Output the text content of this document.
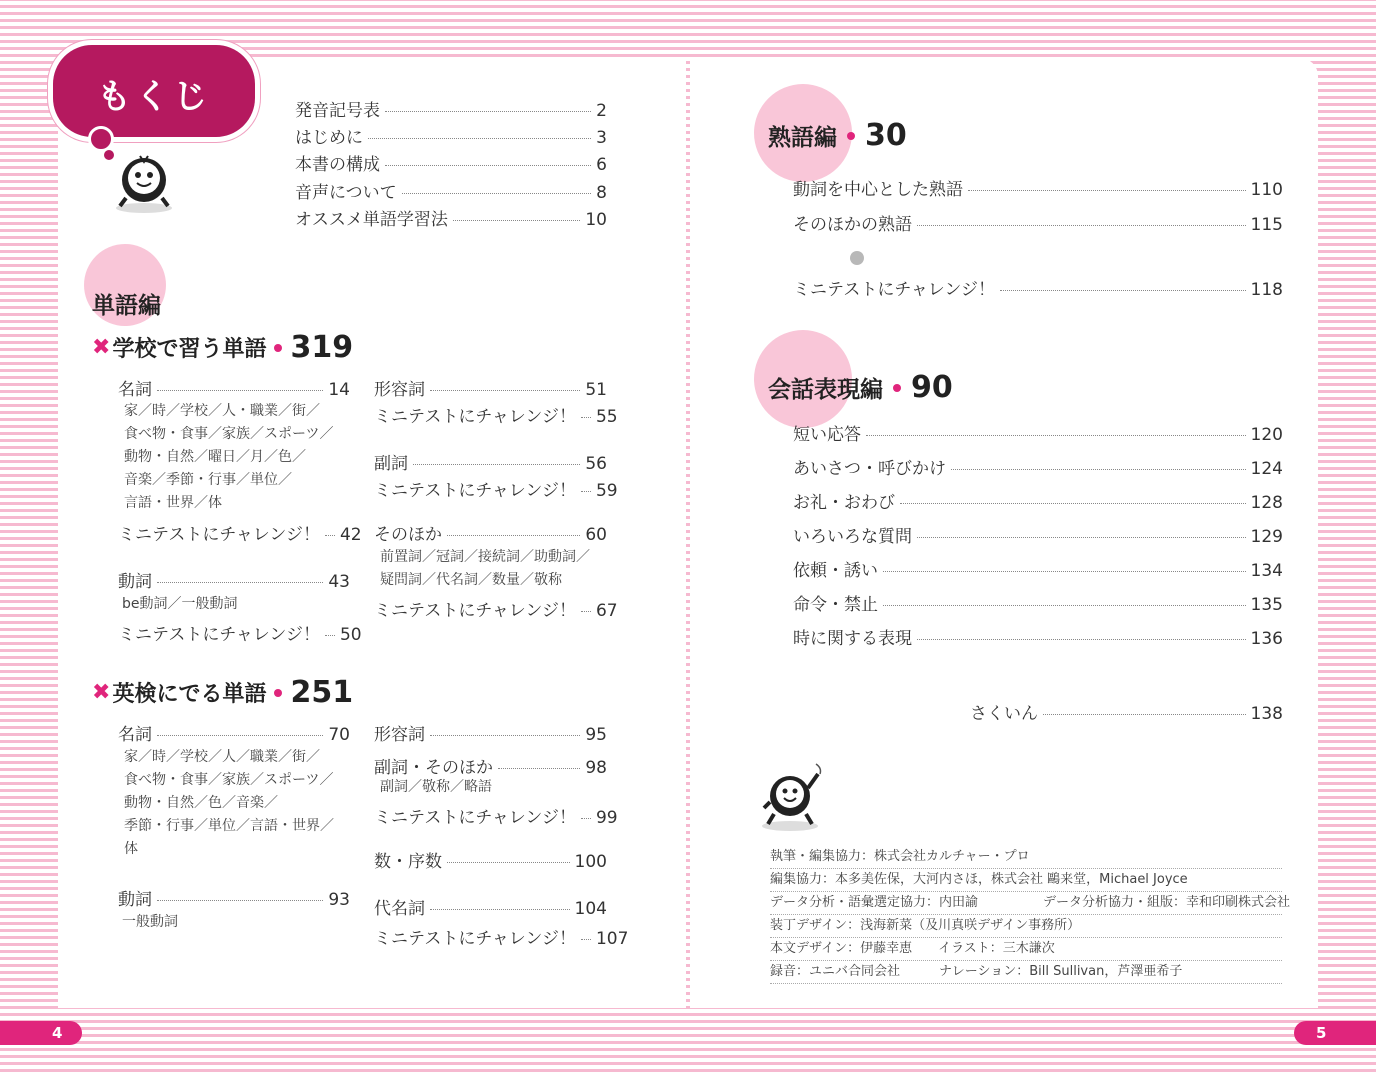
もくじ	発音記号表	2
はじめに	3
本書の構成	6
音声について	8
オススメ単語学習法	10
単語編
✖ 学校で習う単語 319
名詞	14
家／時／学校／人・職業／街／
食べ物・食事／家族／スポーツ／
動物・自然／曜日／月／色／
音楽／季節・行事／単位／
言語・世界／体
ミニテストにチャレンジ！ 42
動詞	43
be動詞／一般動詞
ミニテストにチャレンジ！ 50
形容詞	51
ミニテストにチャレンジ！ 55
副詞	56
ミニテストにチャレンジ！ 59
そのほか	60
前置詞／冠詞／接続詞／助動詞／
疑問詞／代名詞／数量／敬称
ミニテストにチャレンジ！ 67
✖ 英検にでる単語 251
名詞	70
家／時／学校／人／職業／街／
食べ物・食事／家族／スポーツ／
動物・自然／色／音楽／
季節・行事／単位／言語・世界／
体
動詞	93
一般動詞
形容詞	95
副詞・そのほか	98
副詞／敬称／略語
ミニテストにチャレンジ！ 99
数・序数	100
代名詞	104
ミニテストにチャレンジ！ 107
熟語編 30
動詞を中心とした熟語	110
そのほかの熟語	115
ミニテストにチャレンジ！	118
会話表現編 90
短い応答	120
あいさつ・呼びかけ	124
お礼・おわび	128
いろいろな質問	129
依頼・誘い	134
命令・禁止	135
時に関する表現	136
さくいん	138
執筆・編集協力：株式会社カルチャー・プロ
編集協力：本多美佐保，大河内さほ，株式会社 鷗来堂，Michael Joyce
データ分析・語彙選定協力：内田諭　　　　　データ分析協力・組版：幸和印刷株式会社
装丁デザイン：浅海新菜（及川真咲デザイン事務所）
本文デザイン：伊藤幸恵　　イラスト：三木謙次
録音：ユニバ合同会社　　　ナレーション：Bill Sullivan，芦澤亜希子
4	5
